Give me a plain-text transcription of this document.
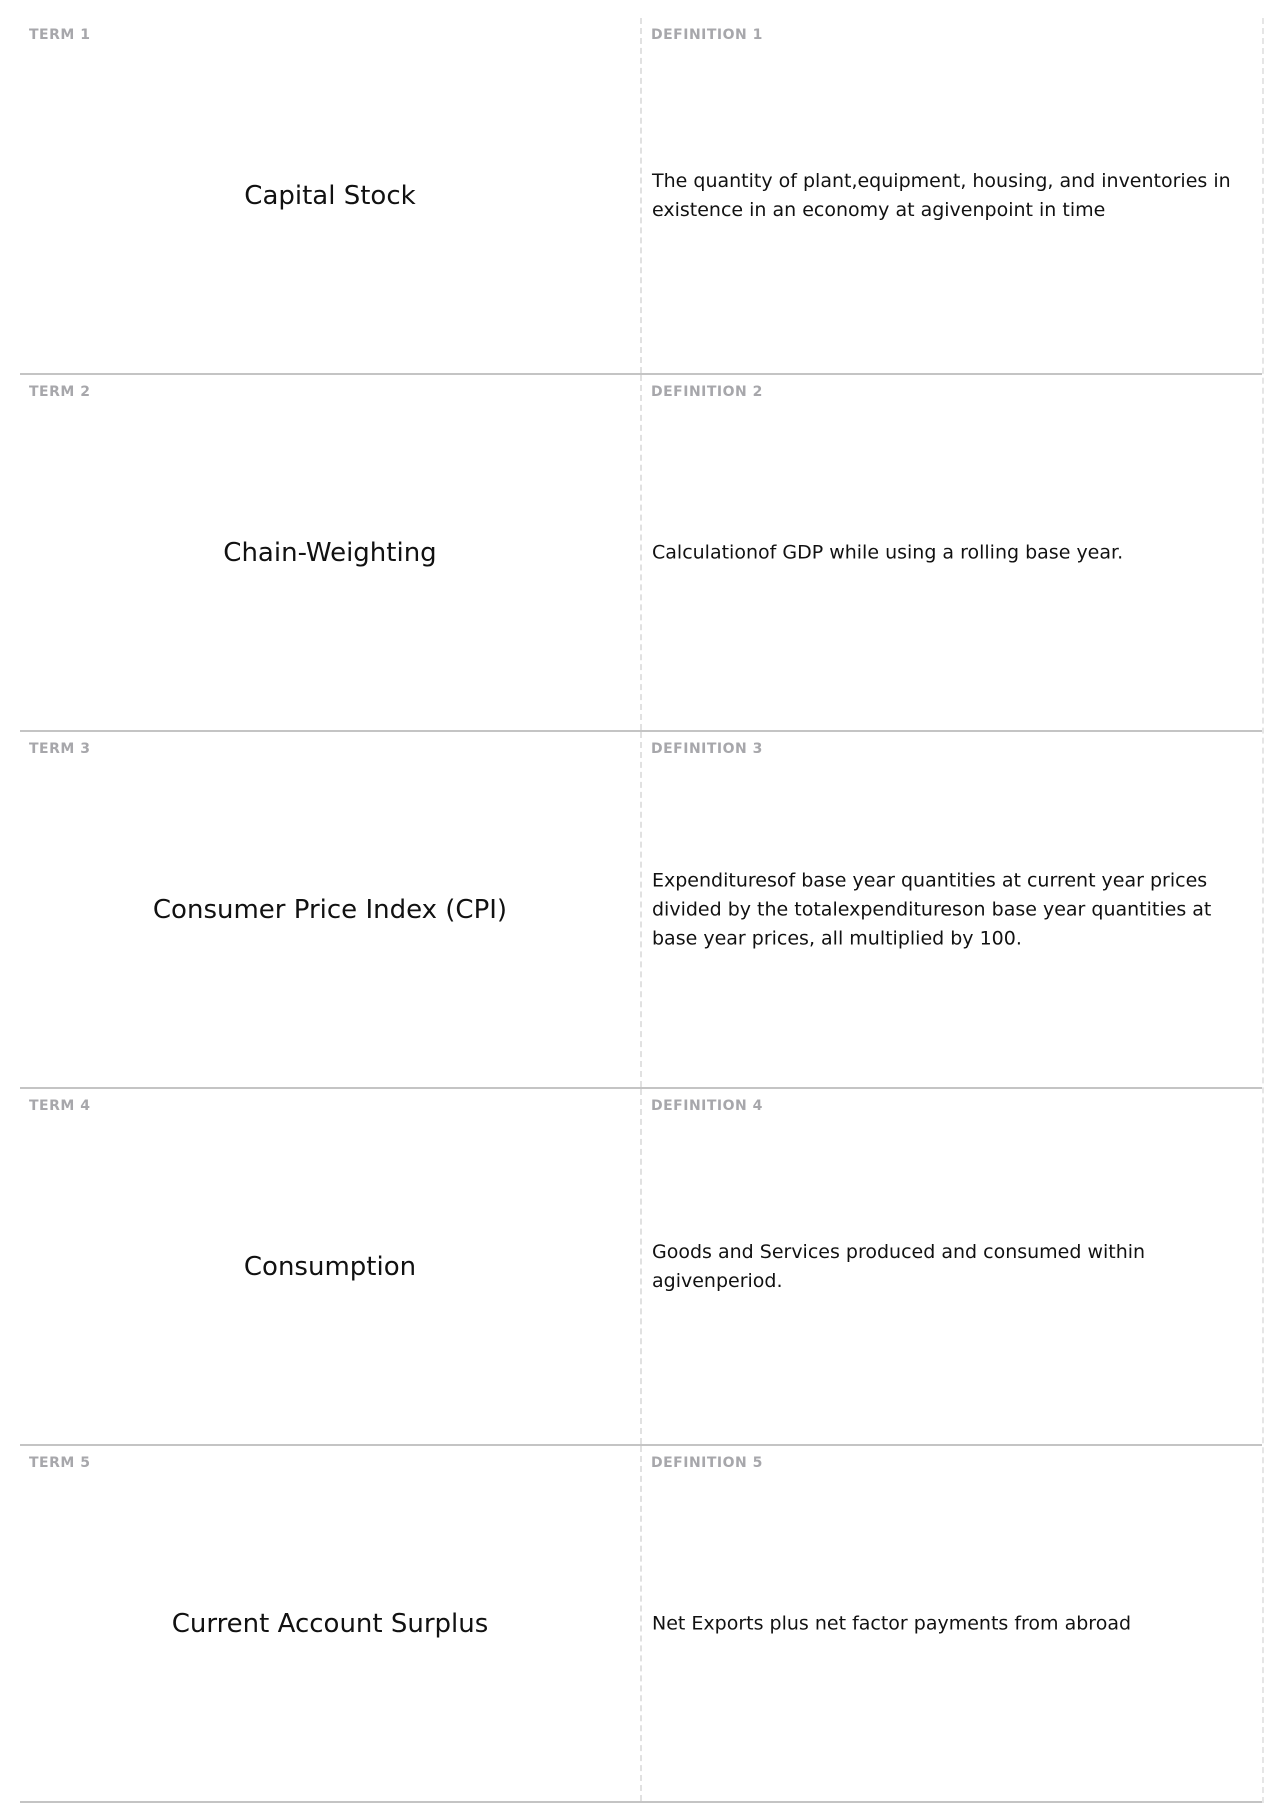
TERM 1
Capital Stock
DEFINITION 1
The quantity of plant,equipment, housing, and inventories in existence in an economy at agivenpoint in time
TERM 2
Chain-Weighting
DEFINITION 2
Calculationof GDP while using a rolling base year.
TERM 3
Consumer Price Index (CPI)
DEFINITION 3
Expendituresof base year quantities at current year prices divided by the totalexpenditureson base year quantities at base year prices, all multiplied by 100.
TERM 4
Consumption
DEFINITION 4
Goods and Services produced and consumed within agivenperiod.
TERM 5
Current Account Surplus
DEFINITION 5
Net Exports plus net factor payments from abroad
